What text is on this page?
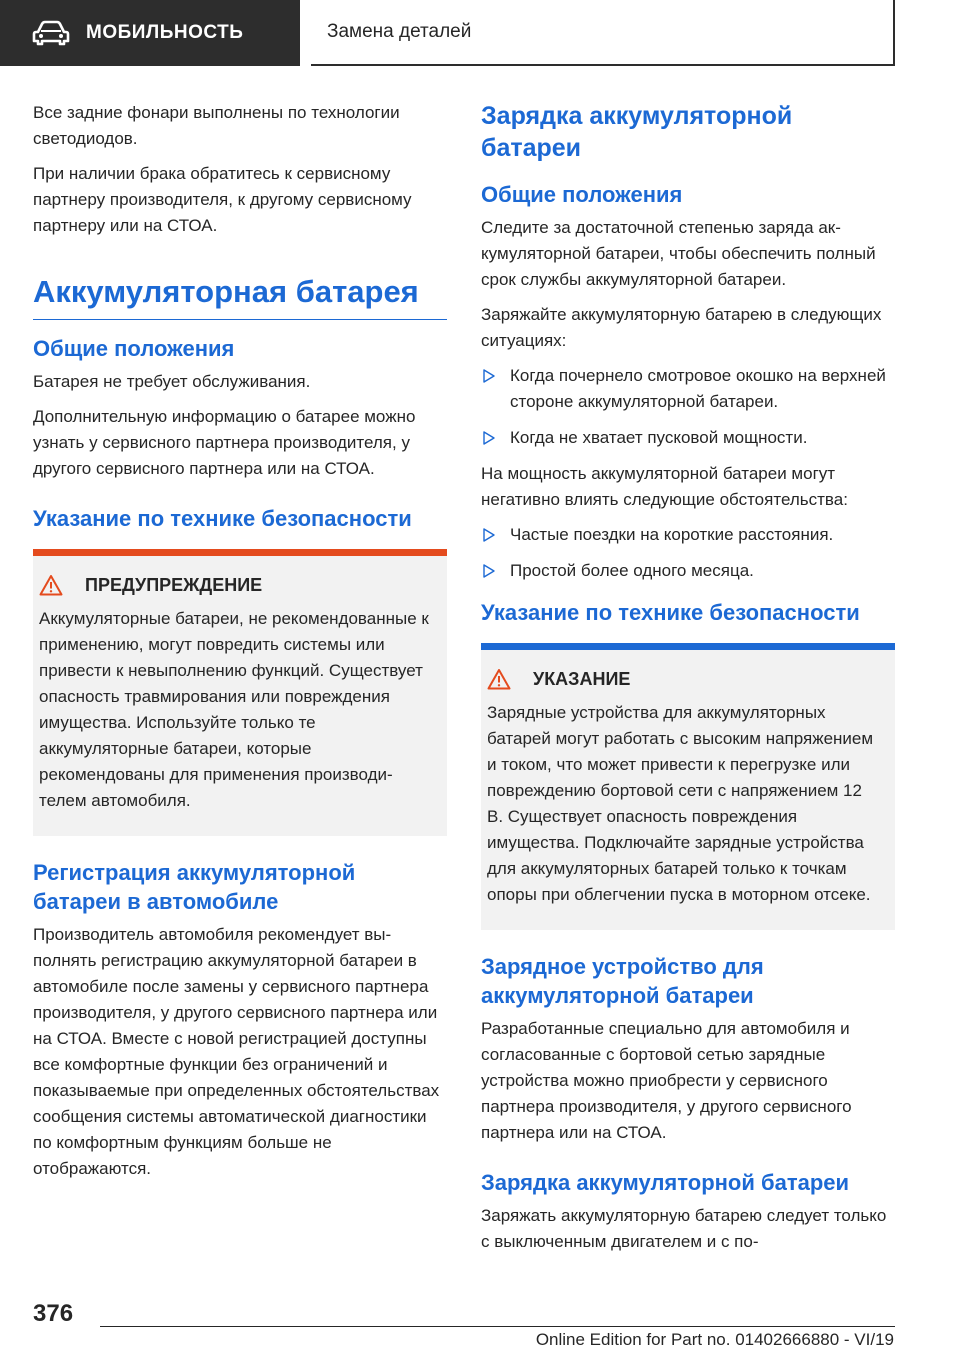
МОБИЛЬНОСТЬ	Замена деталей

Все задние фонари выполнены по технологии светодиодов.

При наличии брака обратитесь к сервисному партнеру производителя, к другому сервисному партнеру или на СТОА.

Аккумуляторная батарея
Общие положения

Батарея не требует обслуживания.

Дополнительную информацию о батарее можно узнать у сервисного партнера производителя, у другого сервисного партнера или на СТОА.

Указание по технике безопасности
ПРЕДУПРЕЖДЕНИЕ

Аккумуляторные батареи, не рекомендованные к применению, могут повредить системы или привести к невыполнению функций. Существует опасность травмирования или повреждения имущества. Используйте только те аккумуляторные батареи, которые рекомендованы для применения производителем автомобиля.

Регистрация аккумуляторной батареи в автомобиле

Производитель автомобиля рекомендует выполнять регистрацию аккумуляторной батареи в автомобиле после замены у сервисного партнера производителя, у другого сервисного партнера или на СТОА. Вместе с новой регистрацией доступны все комфортные функции без ограничений и показываемые при определенных обстоятельствах сообщения системы автоматической диагностики по комфортным функциям больше не отображаются.

Зарядка аккумуляторной батареи
Общие положения

Следите за достаточной степенью заряда аккумуляторной батареи, чтобы обеспечить полный срок службы аккумуляторной батареи.

Заряжайте аккумуляторную батарею в следующих ситуациях:

Когда почернело смотровое окошко на верхней стороне аккумуляторной батареи.
Когда не хватает пусковой мощности.

На мощность аккумуляторной батареи могут негативно влиять следующие обстоятельства:

Частые поездки на короткие расстояния.
Простой более одного месяца.
Указание по технике безопасности
УКАЗАНИЕ

Зарядные устройства для аккумуляторных батарей могут работать с высоким напряжением и током, что может привести к перегрузке или повреждению бортовой сети с напряжением 12 В. Существует опасность повреждения имущества. Подключайте зарядные устройства для аккумуляторных батарей только к точкам опоры при облегчении пуска в моторном отсеке.

Зарядное устройство для аккумуляторной батареи

Разработанные специально для автомобиля и согласованные с бортовой сетью зарядные устройства можно приобрести у сервисного партнера производителя, у другого сервисного партнера или на СТОА.

Зарядка аккумуляторной батареи

Заряжать аккумуляторную батарею следует только с выключенным двигателем и с по-

376
Online Edition for Part no. 01402666880 - VI/19
